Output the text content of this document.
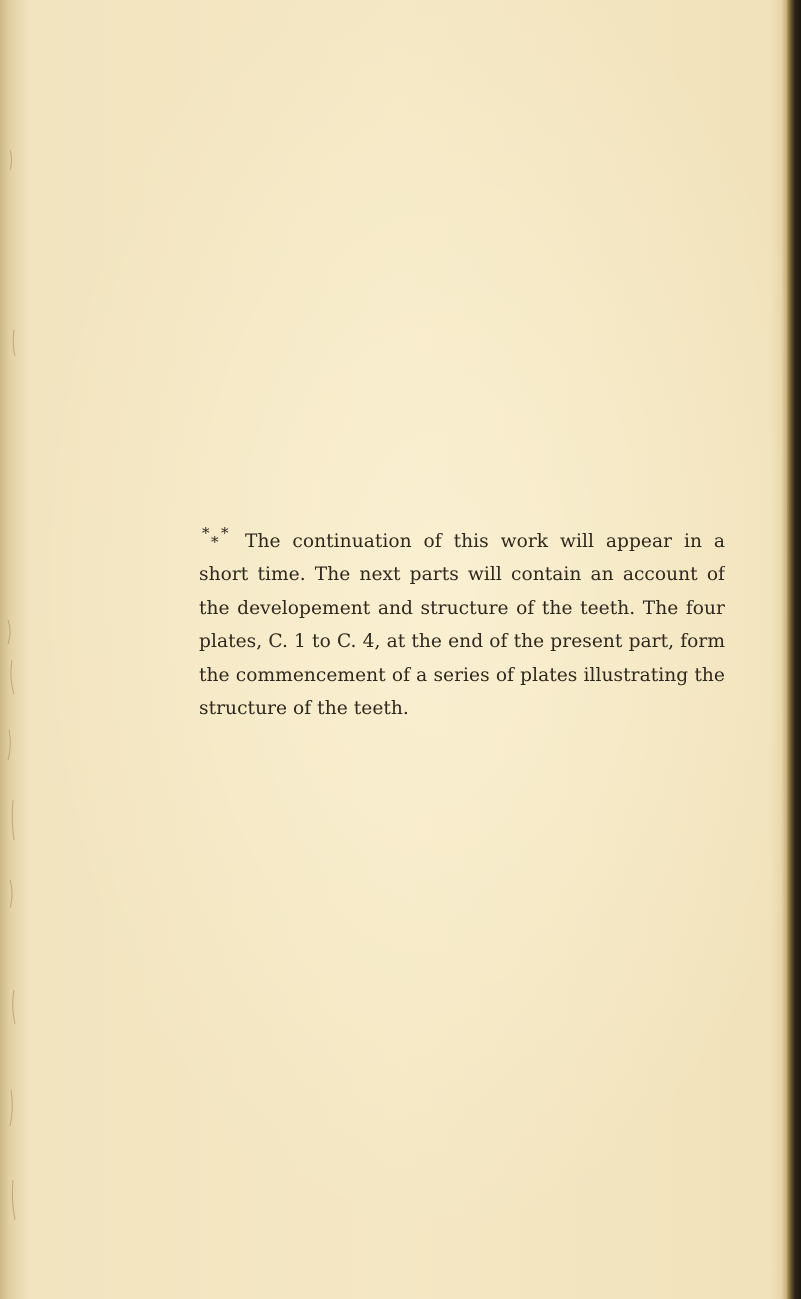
* * * The continuation of this work will appear in a
short time. The next parts will contain an account of
the developement and structure of the teeth. The four
plates, C. 1 to C. 4, at the end of the present part, form
the commencement of a series of plates illustrating the
structure of the teeth.
